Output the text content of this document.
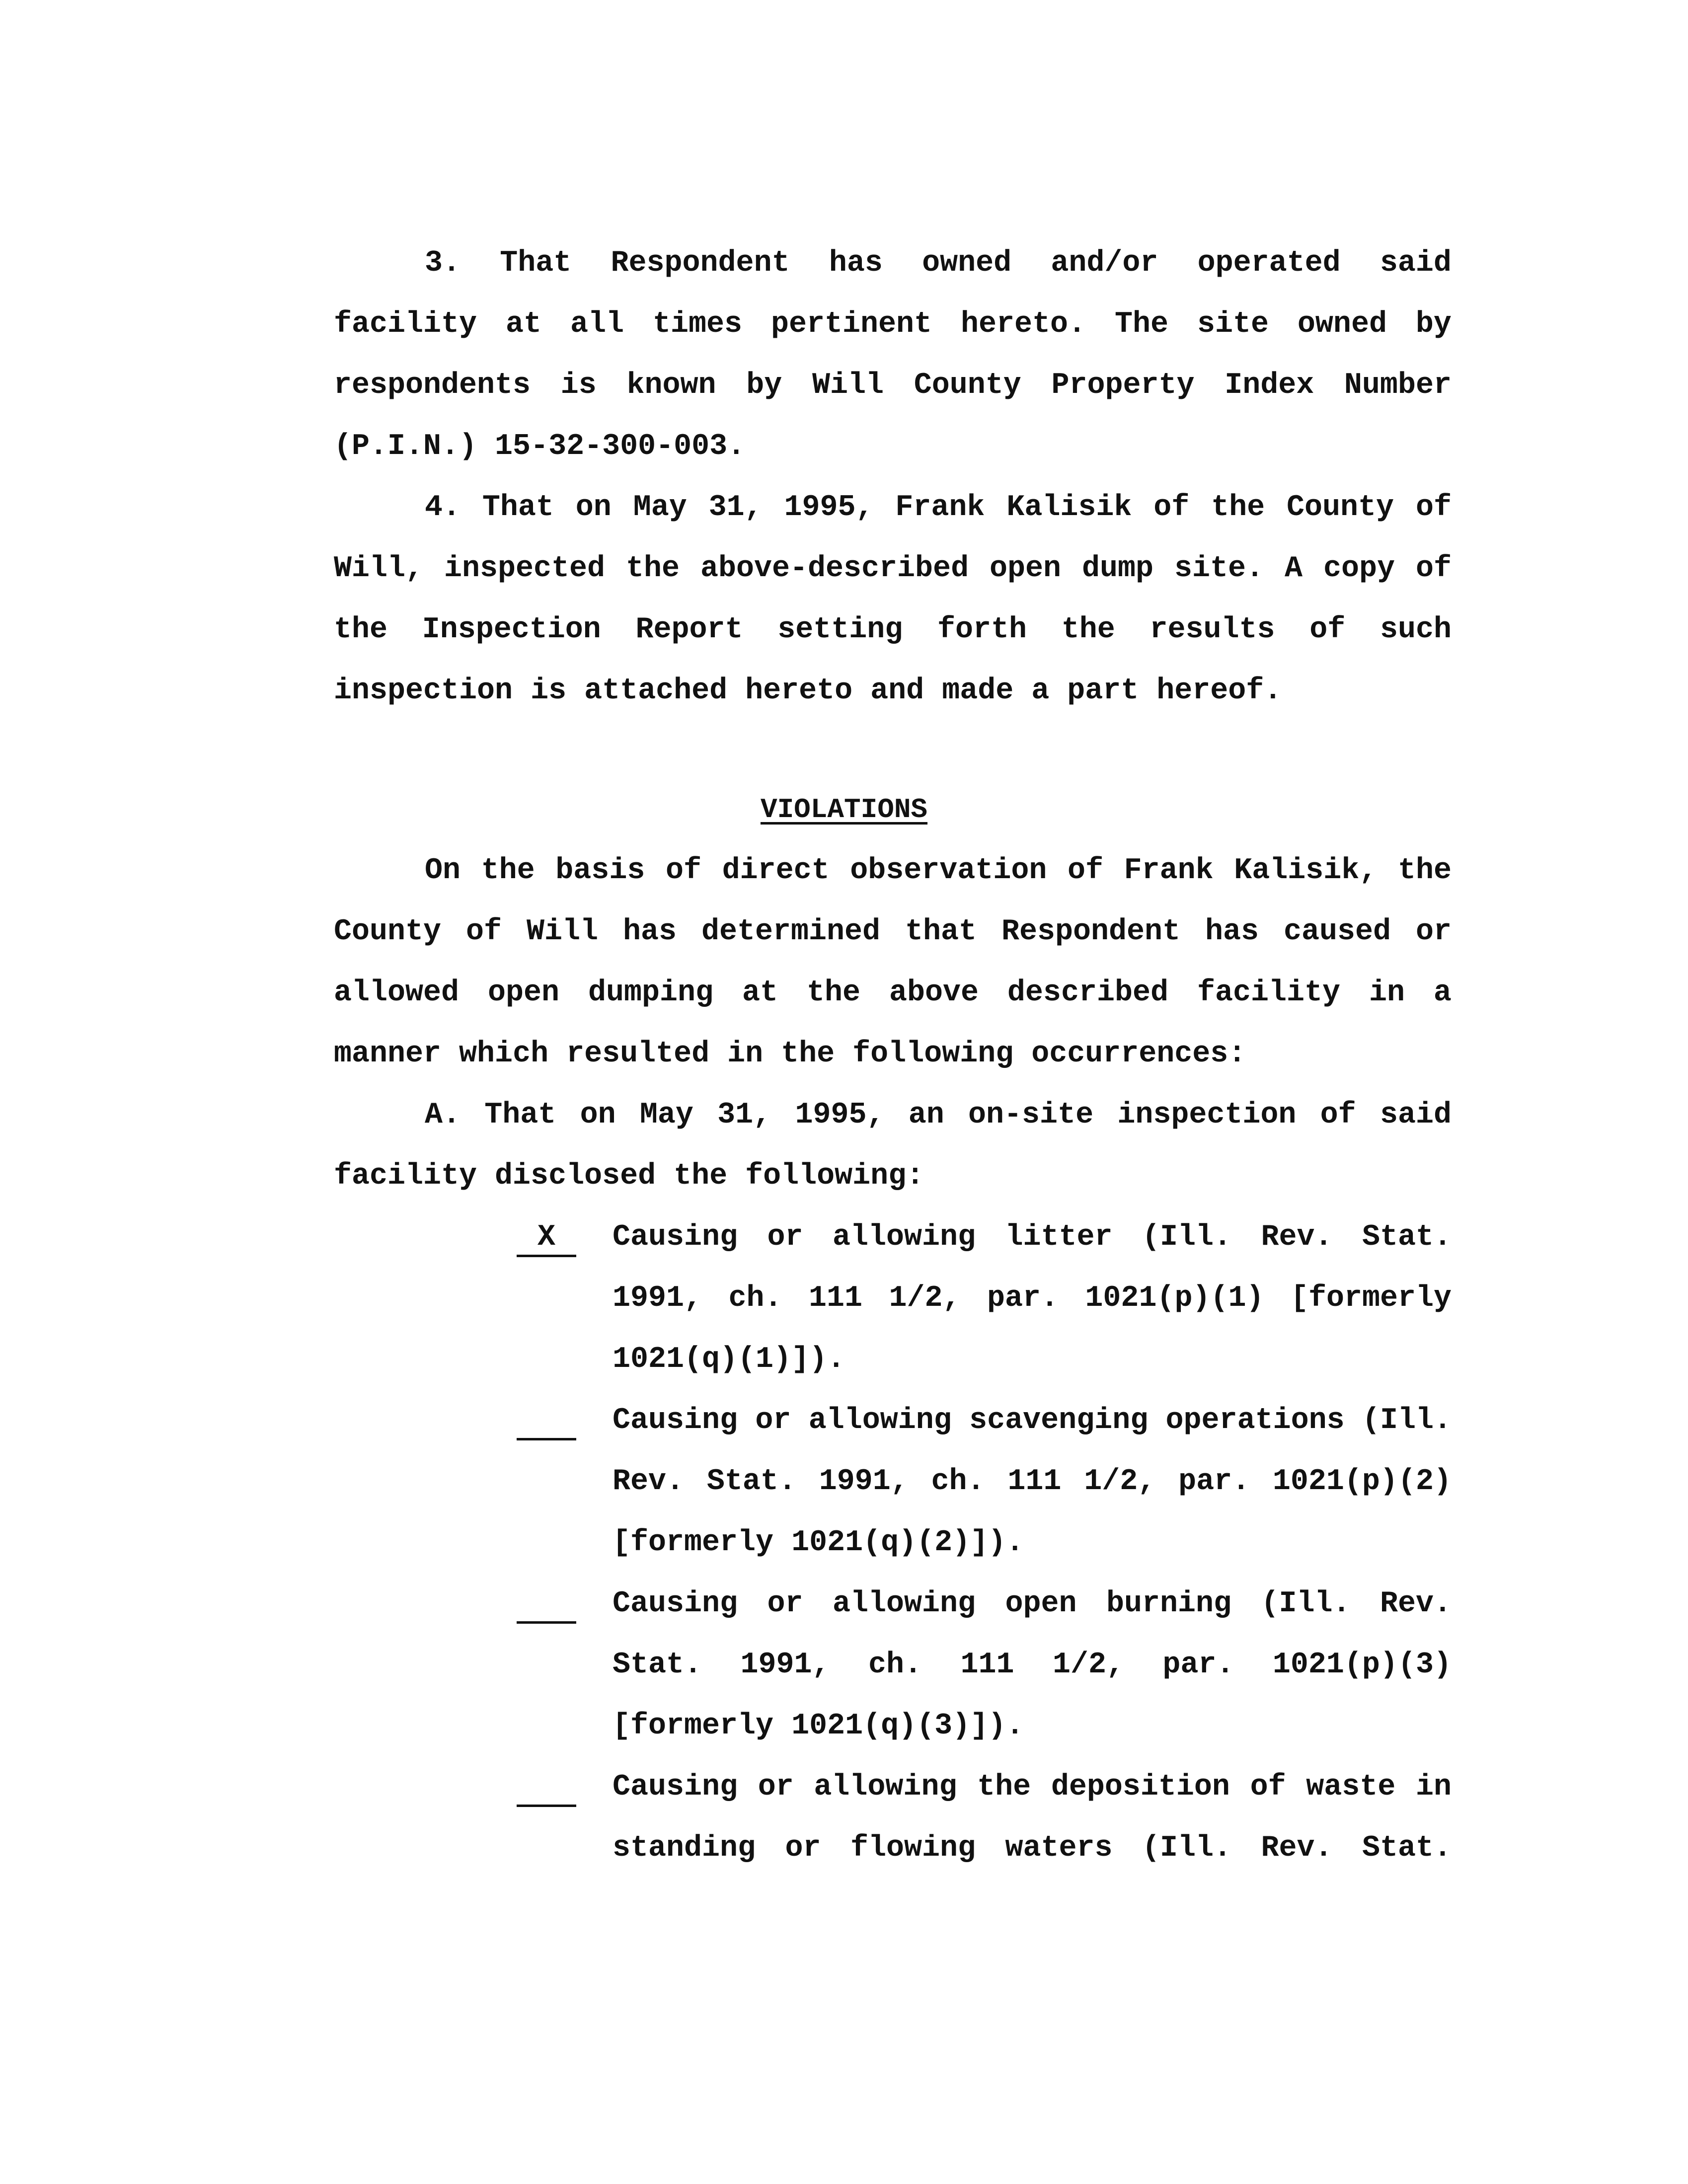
3. That Respondent has owned and/or operated said
facility at all times pertinent hereto. The site owned by
respondents is known by Will County Property Index Number
(P.I.N.) 15-32-300-003.
4. That on May 31, 1995, Frank Kalisik of the County of
Will, inspected the above-described open dump site. A copy of
the Inspection Report setting forth the results of such
inspection is attached hereto and made a part hereof.
VIOLATIONS
On the basis of direct observation of Frank Kalisik, the
County of Will has determined that Respondent has caused or
allowed open dumping at the above described facility in a
manner which resulted in the following occurrences:
A. That on May 31, 1995, an on-site inspection of said
facility disclosed the following:
X	Causing or allowing litter (Ill. Rev. Stat.
1991, ch. 111 1/2, par. 1021(p)(1) [formerly
1021(q)(1)]).
Causing or allowing scavenging operations (Ill.
Rev. Stat. 1991, ch. 111 1/2, par. 1021(p)(2)
[formerly 1021(q)(2)]).
Causing or allowing open burning (Ill. Rev.
Stat. 1991, ch. 111 1/2, par. 1021(p)(3)
[formerly 1021(q)(3)]).
Causing or allowing the deposition of waste in
standing or flowing waters (Ill. Rev. Stat.
